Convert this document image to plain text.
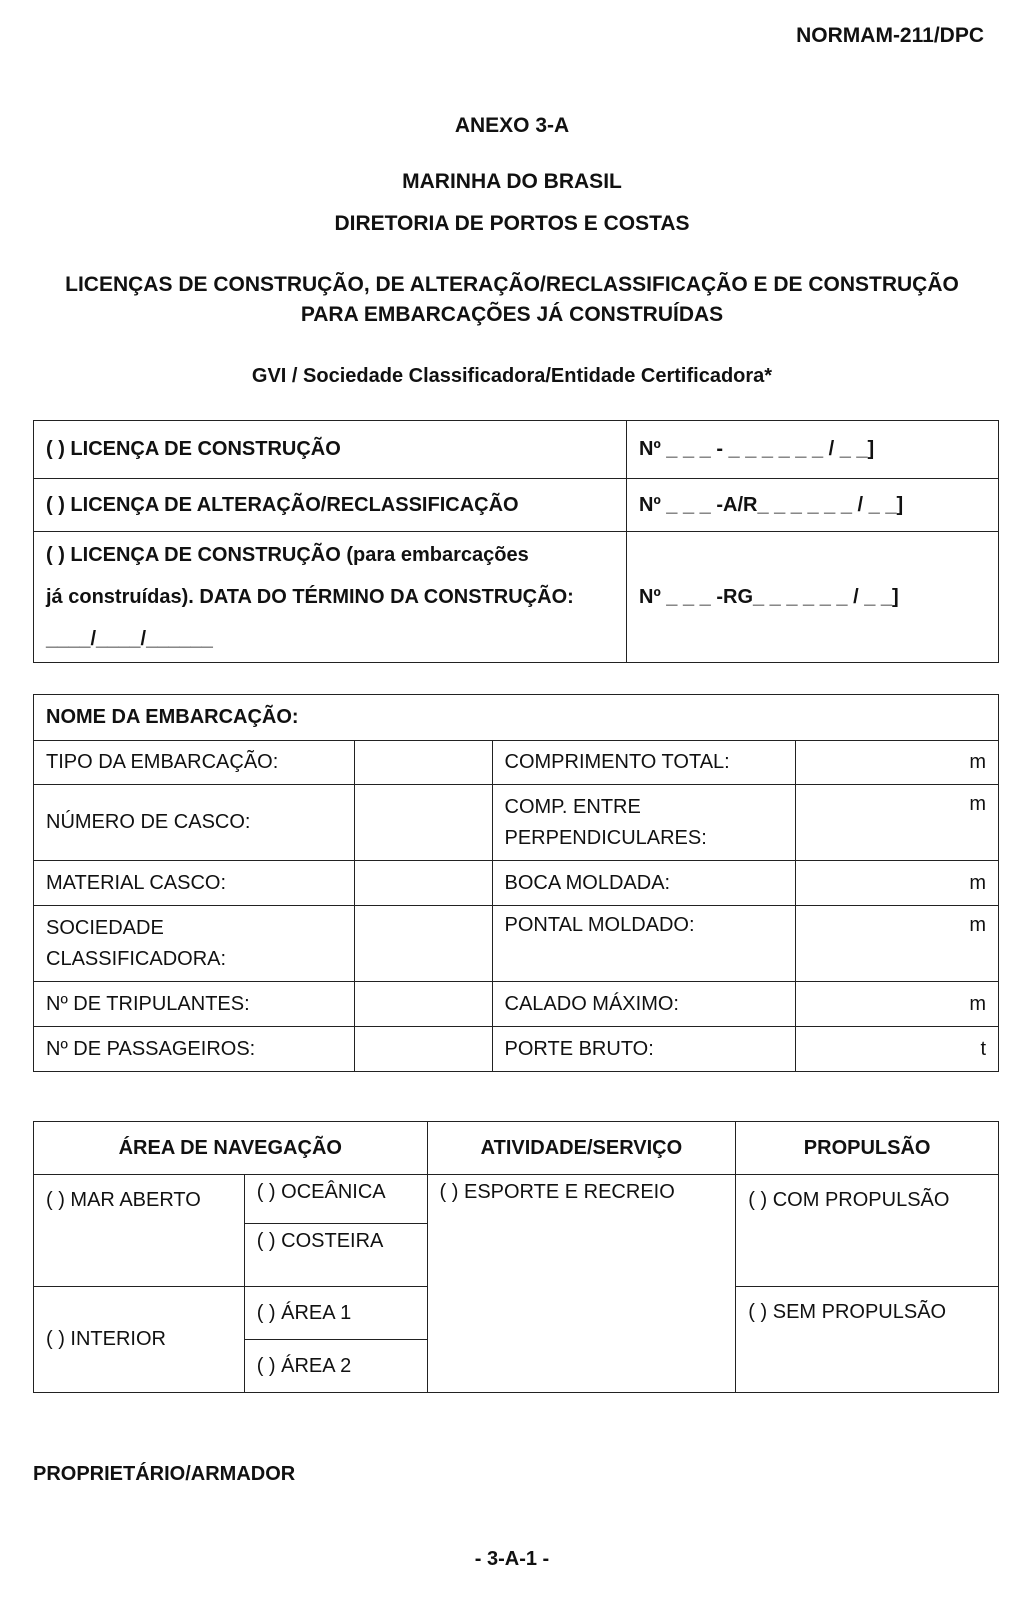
NORMAM-211/DPC
ANEXO 3-A
MARINHA DO BRASIL
DIRETORIA DE PORTOS E COSTAS
LICENÇAS DE CONSTRUÇÃO, DE ALTERAÇÃO/RECLASSIFICAÇÃO E DE CONSTRUÇÃO
PARA EMBARCAÇÕES JÁ CONSTRUÍDAS
GVI / Sociedade Classificadora/Entidade Certificadora*
( ) LICENÇA DE CONSTRUÇÃO	Nº _ _ _ - _ _ _ _ _ _ / _ _]
( ) LICENÇA DE ALTERAÇÃO/RECLASSIFICAÇÃO	Nº _ _ _ -A/R_ _ _ _ _ _ / _ _]

( ) LICENÇA DE CONSTRUÇÃO (para embarcações
já construídas). DATA DO TÉRMINO DA CONSTRUÇÃO:
____/____/______	Nº _ _ _ -RG_ _ _ _ _ _ / _ _]
NOME DA EMBARCAÇÃO:			
TIPO DA EMBARCAÇÃO:		COMPRIMENTO TOTAL:	m
NÚMERO DE CASCO:		COMP. ENTRE
PERPENDICULARES:	m
MATERIAL CASCO:		BOCA MOLDADA:	m

SOCIEDADE
CLASSIFICADORA:		PONTAL MOLDADO:	m
Nº DE TRIPULANTES:		CALADO MÁXIMO:	m
Nº DE PASSAGEIROS:		PORTE BRUTO:	t
ÁREA DE NAVEGAÇÃO		ATIVIDADE/SERVIÇO	PROPULSÃO
( ) MAR ABERTO	( ) OCEÂNICA	( ) ESPORTE E RECREIO	( ) COM PROPULSÃO
	( ) COSTEIRA		
( ) INTERIOR	( ) ÁREA 1		( ) SEM PROPULSÃO
	( ) ÁREA 2		
PROPRIETÁRIO/ARMADOR
- 3-A-1 -
